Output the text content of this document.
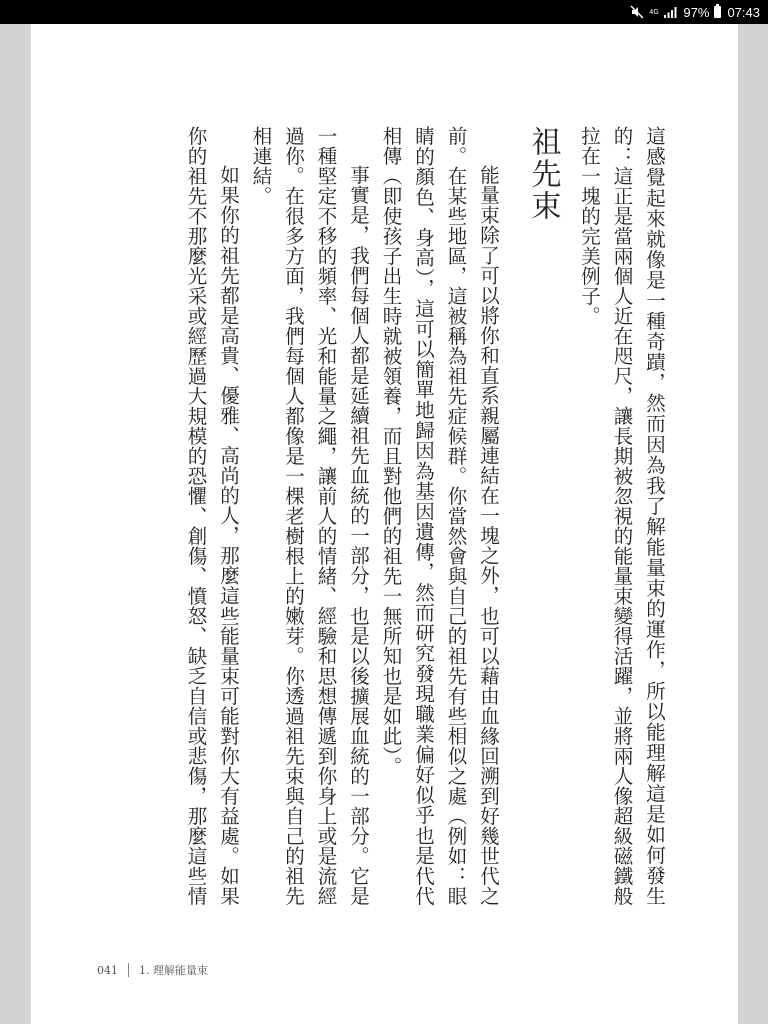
4G 97% 07:43

這感覺起來就像是一種奇蹟，然而因為我了解能量束的運作，所以能理解這是如何發生的：這正是當兩個人近在咫尺，讓長期被忽視的能量束變得活躍，並將兩人像超級磁鐵般拉在一塊的完美例子。

祖先束

能量束除了可以將你和直系親屬連結在一塊之外，也可以藉由血緣回溯到好幾世代之前。在某些地區，這被稱為祖先症候群。你當然會與自己的祖先有些相似之處（例如：眼睛的顏色、身高），這可以簡單地歸因為基因遺傳，然而研究發現職業偏好似乎也是代代相傳（即使孩子出生時就被領養，而且對他們的祖先一無所知也是如此）。

事實是，我們每個人都是延續祖先血統的一部分，也是以後擴展血統的一部分。它是一種堅定不移的頻率、光和能量之繩，讓前人的情緒、經驗和思想傳遞到你身上或是流經過你。在很多方面，我們每個人都像是一棵老樹根上的嫩芽。你透過祖先束與自己的祖先相連結。

如果你的祖先都是高貴、優雅、高尚的人，那麼這些能量束可能對你大有益處。如果你的祖先不那麼光采或經歷過大規模的恐懼、創傷、憤怒、缺乏自信或悲傷，那麼這些情

041 1. 理解能量束
